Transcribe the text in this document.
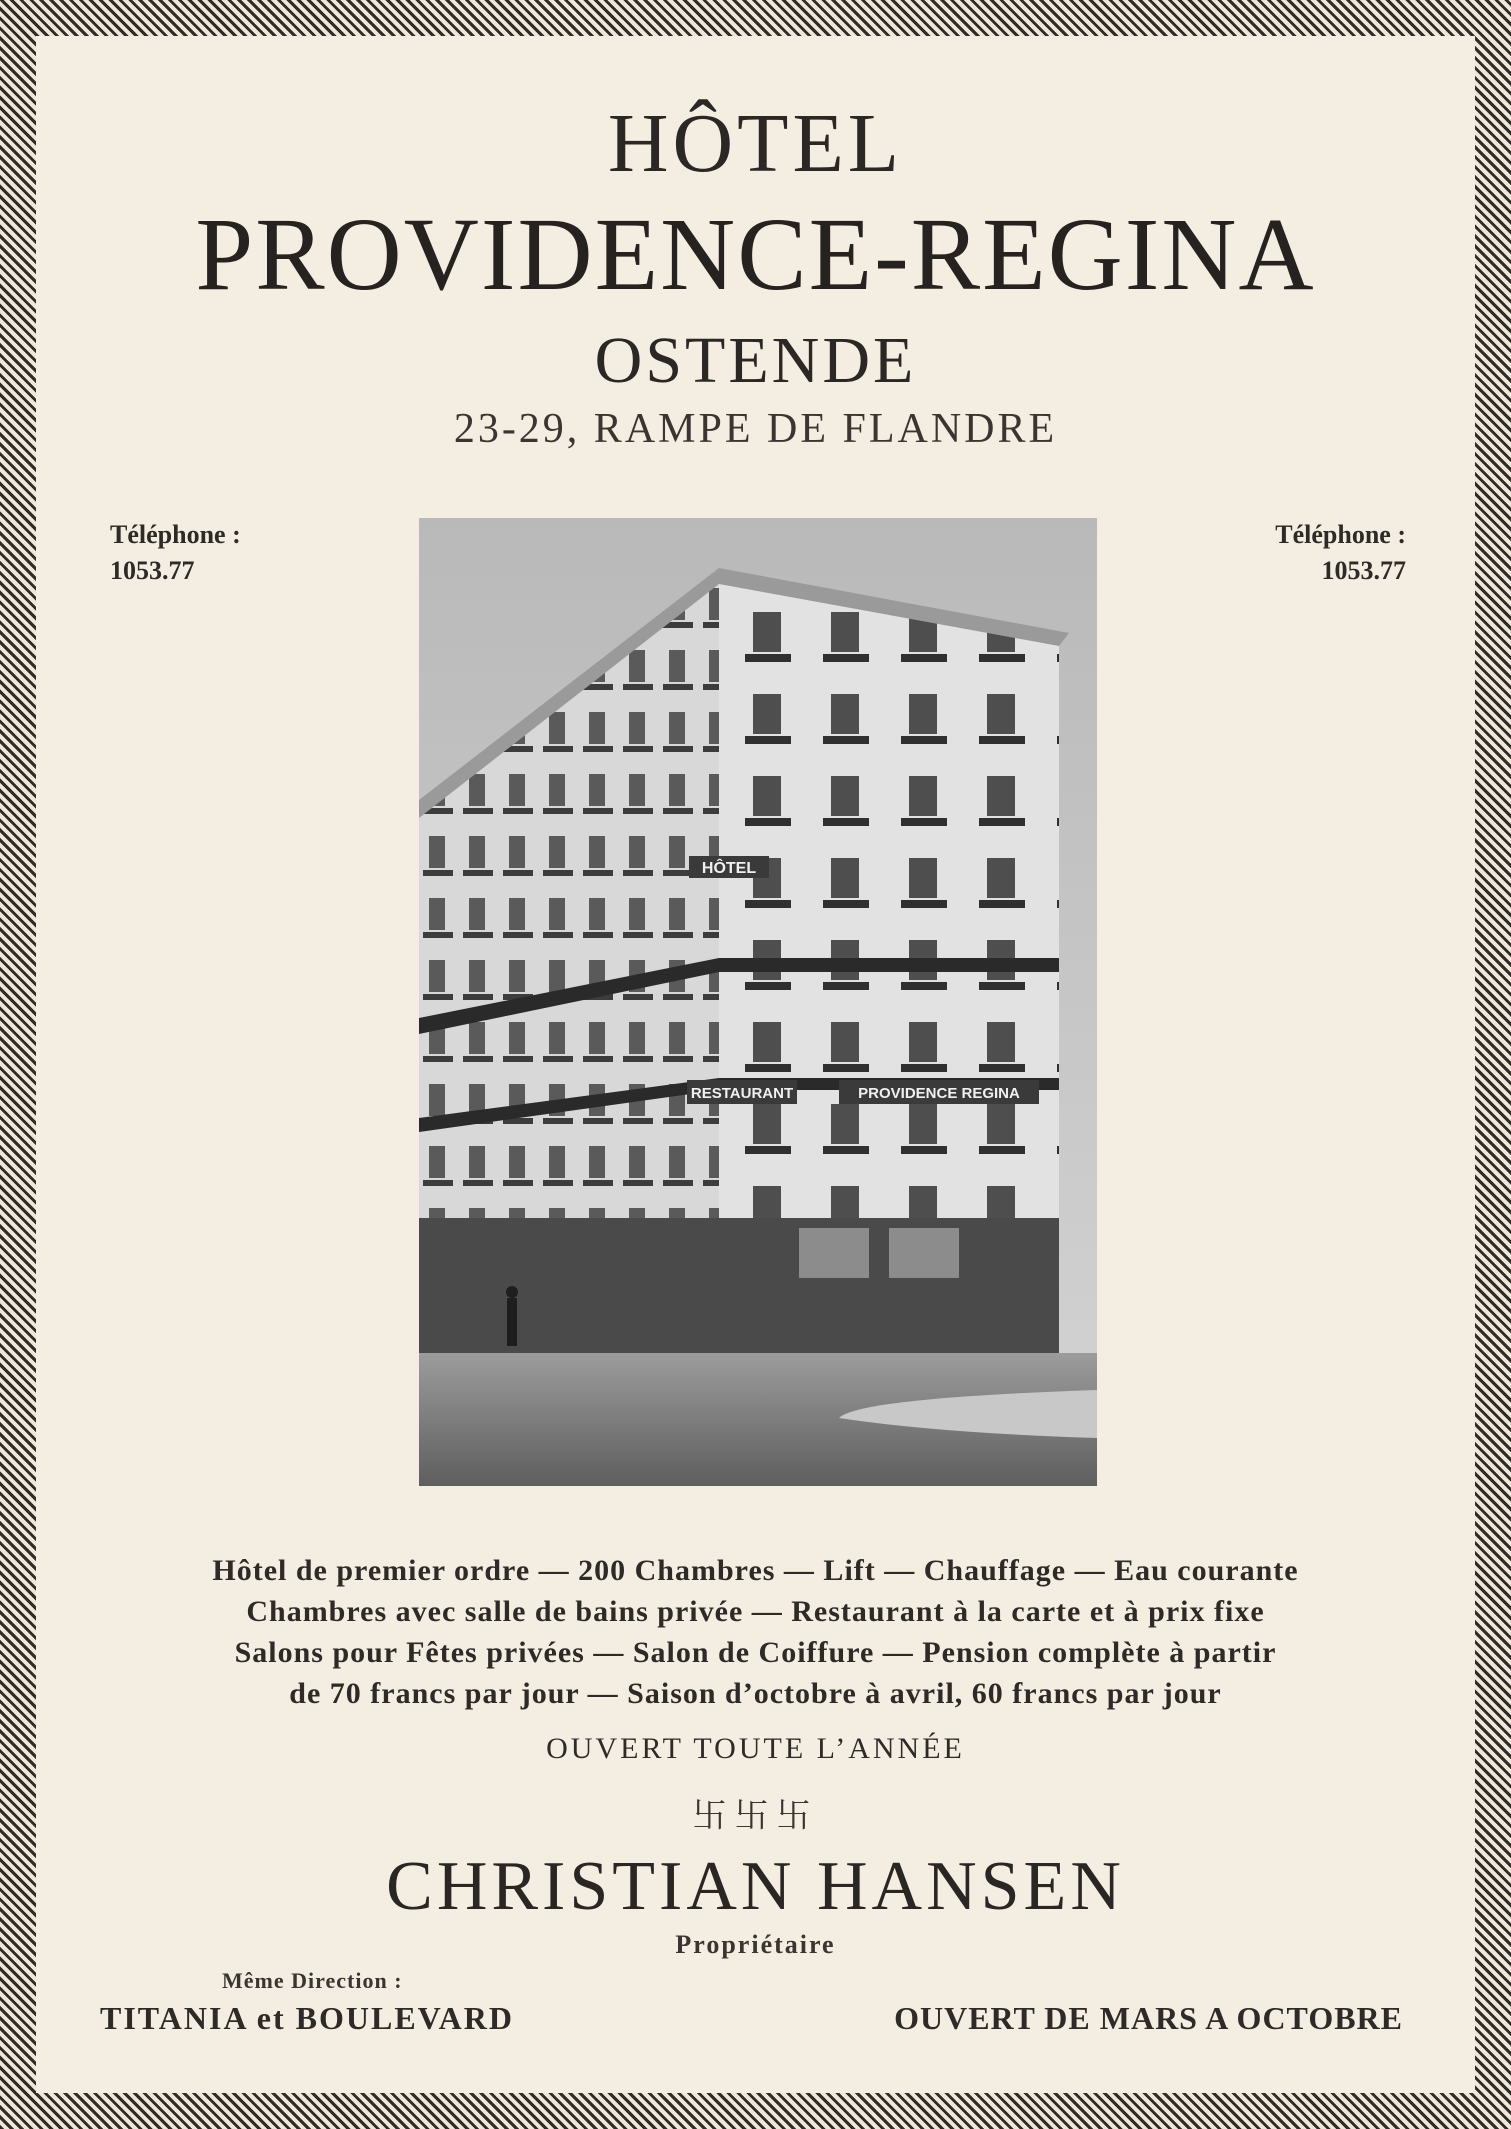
HÔTEL
PROVIDENCE-REGINA
OSTENDE
23-29, RAMPE DE FLANDRE
Téléphone :
1053.77
Téléphone :
1053.77
HÔTEL
RESTAURANT	PROVIDENCE REGINA
Hôtel de premier ordre — 200 Chambres — Lift — Chauffage — Eau courante
Chambres avec salle de bains privée — Restaurant à la carte et à prix fixe
Salons pour Fêtes privées — Salon de Coiffure — Pension complète à partir
de 70 francs par jour — Saison d’octobre à avril, 60 francs par jour
OUVERT TOUTE L’ANNÉE
卐卐卐
CHRISTIAN HANSEN
Propriétaire
Même Direction :
TITANIA et BOULEVARD	OUVERT DE MARS A OCTOBRE
